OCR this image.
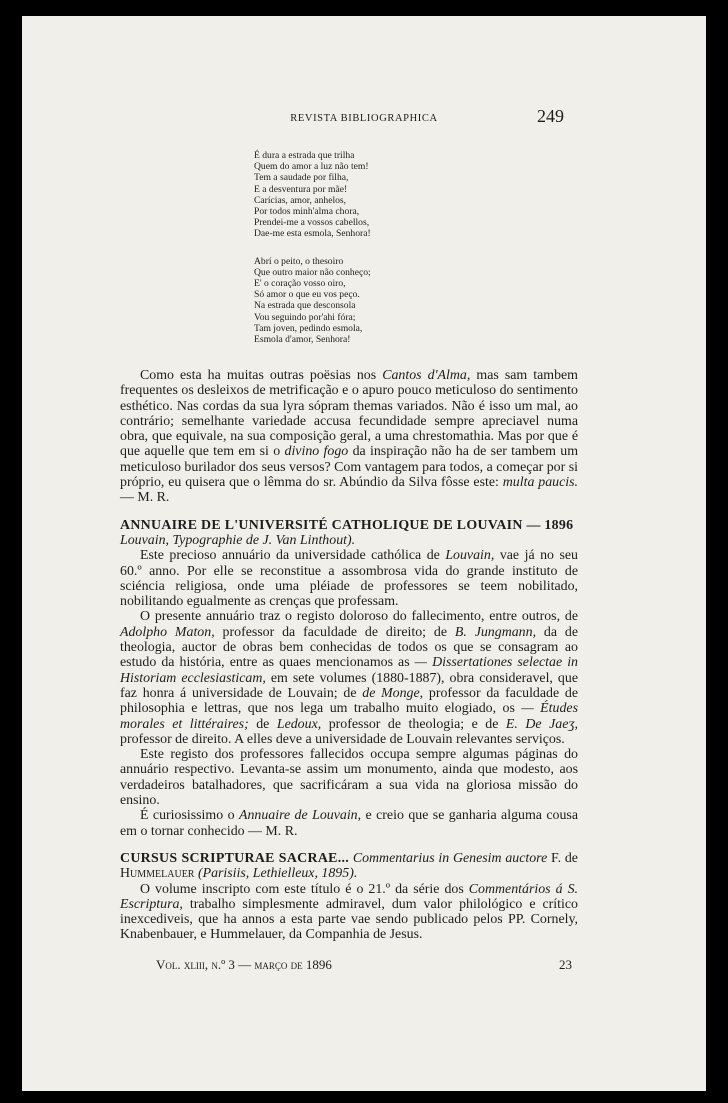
REVISTA BIBLIOGRAPHICA	249
É dura a estrada que trilha
Quem do amor a luz não tem!
Tem a saudade por filha,
E a desventura por mãe!
Carícias, amor, anhelos,
Por todos minh'alma chora,
Prendei-me a vossos cabellos,
Dae-me esta esmola, Senhora!
Abrí o peito, o thesoiro
Que outro maior não conheço;
E' o coração vosso oiro,
Só amor o que eu vos peço.
Na estrada que desconsola
Vou seguindo por'ahi fóra;
Tam joven, pedindo esmola,
Esmola d'amor, Senhora!

Como esta ha muitas outras poësias nos Cantos d'Alma, mas sam tambem frequentes os desleixos de metrificação e o apuro pouco meticuloso do sentimento esthético. Nas cordas da sua lyra sópram themas variados. Não é isso um mal, ao contrário; semelhante variedade accusa fecundidade sempre apreciavel numa obra, que equivale, na sua composição geral, a uma chrestomathia. Mas por que é que aquelle que tem em si o divino fogo da inspiração não ha de ser tambem um meticuloso burilador dos seus versos? Com vantagem para todos, a começar por si próprio, eu quisera que o lêmma do sr. Abúndio da Silva fôsse este: multa paucis. — M. R.

ANNUAIRE DE L'UNIVERSITÉ CATHOLIQUE DE LOUVAIN — 1896

Louvain, Typographie de J. Van Linthout).

Este precioso annuário da universidade cathólica de Louvain, vae já no seu 60.º anno. Por elle se reconstitue a assombrosa vida do grande instituto de sciéncia religiosa, onde uma pléiade de professores se teem nobilitado, nobilitando egualmente as crenças que professam.

O presente annuário traz o registo doloroso do fallecimento, entre outros, de Adolpho Maton, professor da faculdade de direito; de B. Jungmann, da de theologia, auctor de obras bem conhecidas de todos os que se consagram ao estudo da história, entre as quaes mencionamos as — Dissertationes selectae in Historiam ecclesiasticam, em sete volumes (1880-1887), obra consideravel, que faz honra á universidade de Louvain; de de Monge, professor da faculdade de philosophia e lettras, que nos lega um trabalho muito elogiado, os — Études morales et littéraires; de Ledoux, professor de theologia; e de E. De Jaeʒ, professor de direito. A elles deve a universidade de Louvain relevantes serviços.

Este registo dos professores fallecidos occupa sempre algumas páginas do annuário respectivo. Levanta-se assim um monumento, ainda que modesto, aos verdadeiros batalhadores, que sacrificáram a sua vida na gloriosa missão do ensino.

É curiosissimo o Annuaire de Louvain, e creio que se ganharia alguma cousa em o tornar conhecido — M. R.

CURSUS SCRIPTURAE SACRAE... Commentarius in Genesim auctore F. de Hummelauer (Parisiis, Lethielleux, 1895).

O volume inscripto com este título é o 21.º da série dos Commentários á S. Escriptura, trabalho simplesmente admiravel, dum valor philológico e crítico inexcediveis, que ha annos a esta parte vae sendo publicado pelos PP. Cornely, Knabenbauer, e Hummelauer, da Companhia de Jesus.

Vol. xliii, n.º 3 — março de 1896	23
